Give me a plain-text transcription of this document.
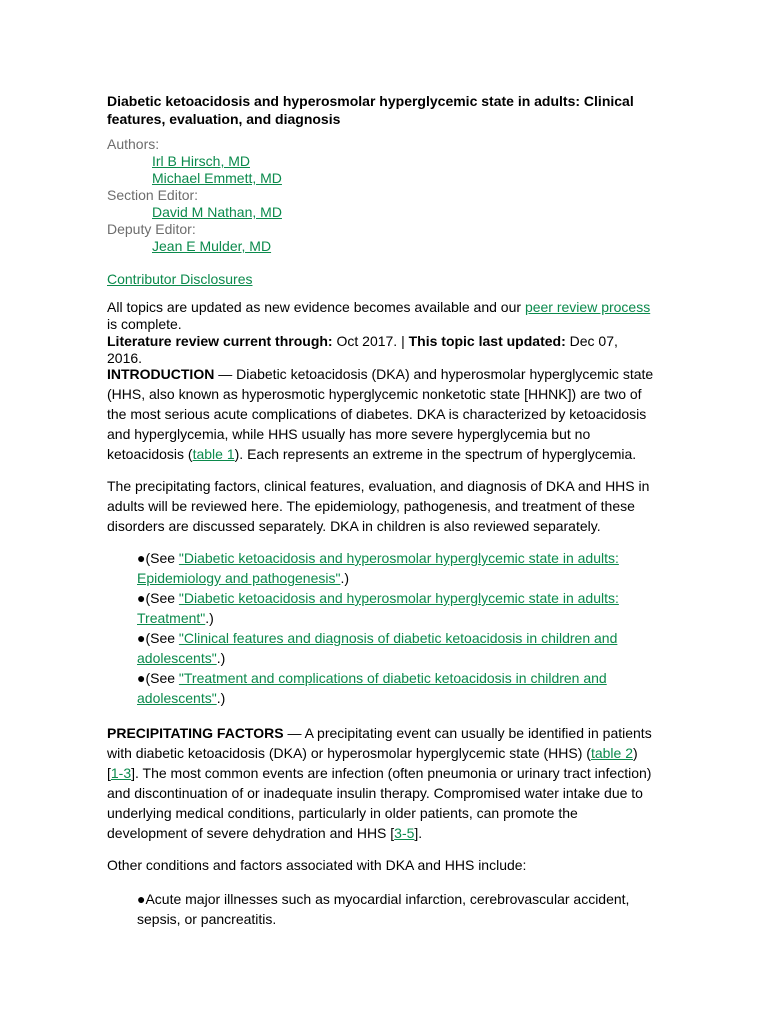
Diabetic ketoacidosis and hyperosmolar hyperglycemic state in adults: Clinical features, evaluation, and diagnosis
Authors:
Irl B Hirsch, MD
Michael Emmett, MD
Section Editor:
David M Nathan, MD
Deputy Editor:
Jean E Mulder, MD
Contributor Disclosures
All topics are updated as new evidence becomes available and our peer review process is complete.
Literature review current through: Oct 2017. | This topic last updated: Dec 07, 2016.
INTRODUCTION — Diabetic ketoacidosis (DKA) and hyperosmolar hyperglycemic state (HHS, also known as hyperosmotic hyperglycemic nonketotic state [HHNK]) are two of the most serious acute complications of diabetes. DKA is characterized by ketoacidosis and hyperglycemia, while HHS usually has more severe hyperglycemia but no ketoacidosis (table 1). Each represents an extreme in the spectrum of hyperglycemia.
The precipitating factors, clinical features, evaluation, and diagnosis of DKA and HHS in adults will be reviewed here. The epidemiology, pathogenesis, and treatment of these disorders are discussed separately. DKA in children is also reviewed separately.
●(See "Diabetic ketoacidosis and hyperosmolar hyperglycemic state in adults: Epidemiology and pathogenesis".)
●(See "Diabetic ketoacidosis and hyperosmolar hyperglycemic state in adults: Treatment".)
●(See "Clinical features and diagnosis of diabetic ketoacidosis in children and adolescents".)
●(See "Treatment and complications of diabetic ketoacidosis in children and adolescents".)
PRECIPITATING FACTORS — A precipitating event can usually be identified in patients with diabetic ketoacidosis (DKA) or hyperosmolar hyperglycemic state (HHS) (table 2) [1-3]. The most common events are infection (often pneumonia or urinary tract infection) and discontinuation of or inadequate insulin therapy. Compromised water intake due to underlying medical conditions, particularly in older patients, can promote the development of severe dehydration and HHS [3-5].
Other conditions and factors associated with DKA and HHS include:
●Acute major illnesses such as myocardial infarction, cerebrovascular accident, sepsis, or pancreatitis.
